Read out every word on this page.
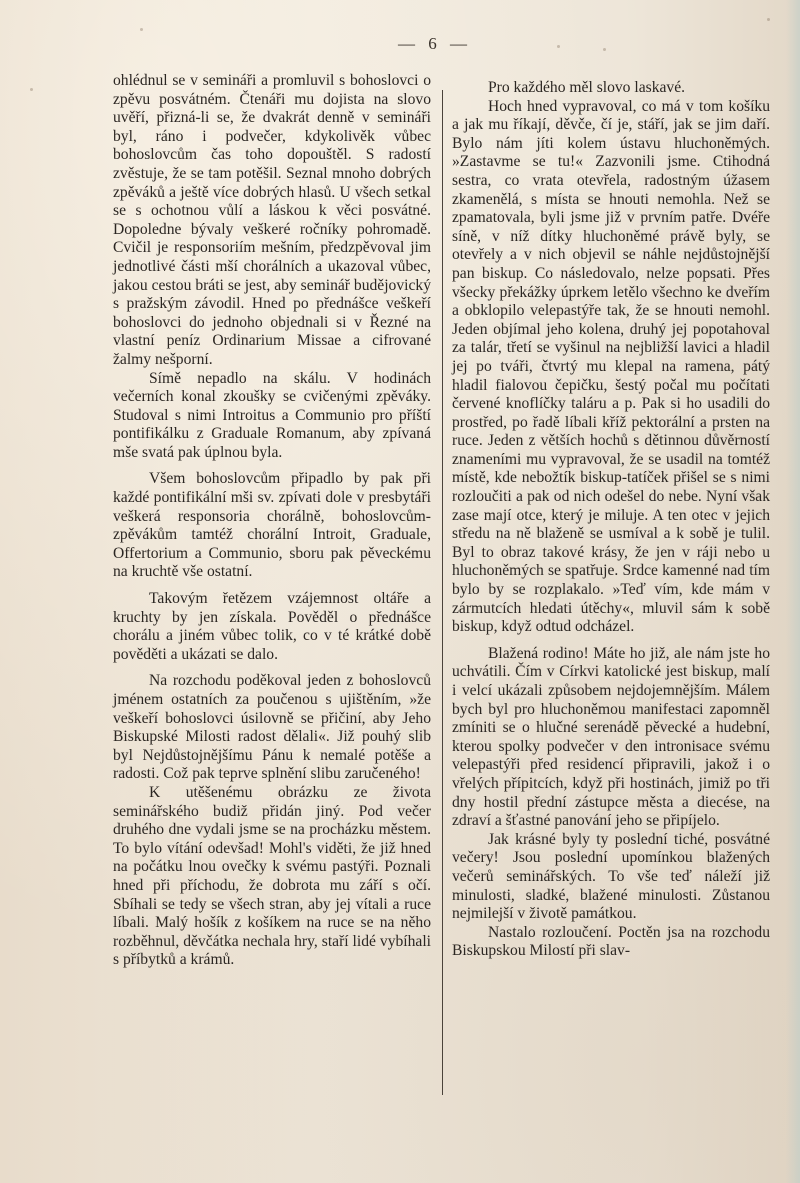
— 6 —

ohlédnul se v semináři a promluvil s bohoslovci o zpěvu posvátném. Čtenáři mu dojista na slovo uvěří, přizná-li se, že dvakrát denně v semináři byl, ráno i podvečer, kdykolivěk vůbec bohoslovcům čas toho dopouštěl. S radostí zvěstuje, že se tam potěšil. Seznal mnoho dobrých zpěváků a ještě více dobrých hlasů. U všech setkal se s ochotnou vůlí a láskou k věci posvátné. Dopoledne bývaly veškeré ročníky pohromadě. Cvičil je responsoriím mešním, předzpěvoval jim jednotlivé části mší chorálních a ukazoval vůbec, jakou cestou bráti se jest, aby seminář budějovický s pražským závodil. Hned po přednášce veškeří bohoslovci do jednoho objednali si v Řezné na vlastní peníz Ordinarium Missae a cifrované žalmy nešporní.

Símě nepadlo na skálu. V hodinách večerních konal zkoušky se cvičenými zpěváky. Studoval s nimi Introitus a Communio pro příští pontifikálku z Graduale Romanum, aby zpívaná mše svatá pak úplnou byla.

Všem bohoslovcům připadlo by pak při každé pontifikální mši sv. zpívati dole v presbytáři veškerá responsoria chorálně, bohoslovcům-zpěvákům tamtéž chorální Introit, Graduale, Offertorium a Communio, sboru pak pěveckému na kruchtě vše ostatní.

Takovým řetězem vzájemnost oltáře a kruchty by jen získala. Pověděl o přednášce chorálu a jiném vůbec tolik, co v té krátké době pověděti a ukázati se dalo.

Na rozchodu poděkoval jeden z bohoslovců jménem ostatních za poučenou s ujištěním, »že veškeří bohoslovci úsilovně se přičiní, aby Jeho Biskupské Milosti radost dělali«. Již pouhý slib byl Nejdůstojnějšímu Pánu k nemalé potěše a radosti. Což pak teprve splnění slibu zaručeného!

K utěšenému obrázku ze života seminářského budiž přidán jiný. Pod večer druhého dne vydali jsme se na procházku městem. To bylo vítání odevšad! Mohl's viděti, že již hned na počátku lnou ovečky k svému pastýři. Poznali hned při příchodu, že dobrota mu září s očí. Sbíhali se tedy se všech stran, aby jej vítali a ruce líbali. Malý hošík z košíkem na ruce se na něho rozběhnul, děvčátka nechala hry, staří lidé vybíhali s příbytků a krámů.

Pro každého měl slovo laskavé.

Hoch hned vypravoval, co má v tom košíku a jak mu říkají, děvče, čí je, stáří, jak se jim daří. Bylo nám jíti kolem ústavu hluchoněmých. »Zastavme se tu!« Zazvonili jsme. Ctihodná sestra, co vrata otevřela, radostným úžasem zkamenělá, s místa se hnouti nemohla. Než se zpamatovala, byli jsme již v prvním patře. Dvéře síně, v níž dítky hluchoněmé právě byly, se otevřely a v nich objevil se náhle nejdůstojnější pan biskup. Co následovalo, nelze popsati. Přes všecky překážky úprkem letělo všechno ke dveřím a obklopilo velepastýře tak, že se hnouti nemohl. Jeden objímal jeho kolena, druhý jej popotahoval za talár, třetí se vyšinul na nejbližší lavici a hladil jej po tváři, čtvrtý mu klepal na ramena, pátý hladil fialovou čepičku, šestý počal mu počítati červené knoflíčky taláru a p. Pak si ho usadili do prostřed, po řadě líbali kříž pektorální a prsten na ruce. Jeden z větších hochů s dětinnou důvěrností znameními mu vypravoval, že se usadil na tomtéž místě, kde nebožtík biskup-tatíček přišel se s nimi rozloučiti a pak od nich odešel do nebe. Nyní však zase mají otce, který je miluje. A ten otec v jejich středu na ně blaženě se usmíval a k sobě je tulil. Byl to obraz takové krásy, že jen v ráji nebo u hluchoněmých se spatřuje. Srdce kamenné nad tím bylo by se rozplakalo. »Teď vím, kde mám v zármutcích hledati útěchy«, mluvil sám k sobě biskup, když odtud odcházel.

Blažená rodino! Máte ho již, ale nám jste ho uchvátili. Čím v Církvi katolické jest biskup, malí i velcí ukázali způsobem nejdojemnějším. Málem bych byl pro hluchoněmou manifestaci zapomněl zmíniti se o hlučné serenádě pěvecké a hudební, kterou spolky podvečer v den intronisace svému velepastýři před residencí připravili, jakož i o vřelých přípitcích, když při hostinách, jimiž po tři dny hostil přední zástupce města a diecése, na zdraví a šťastné panování jeho se připíjelo.

Jak krásné byly ty poslední tiché, posvátné večery! Jsou poslední upomínkou blažených večerů seminářských. To vše teď náleží již minulosti, sladké, blažené minulosti. Zůstanou nejmilejší v životě památkou.

Nastalo rozloučení. Poctěn jsa na rozchodu Biskupskou Milostí při slav-
